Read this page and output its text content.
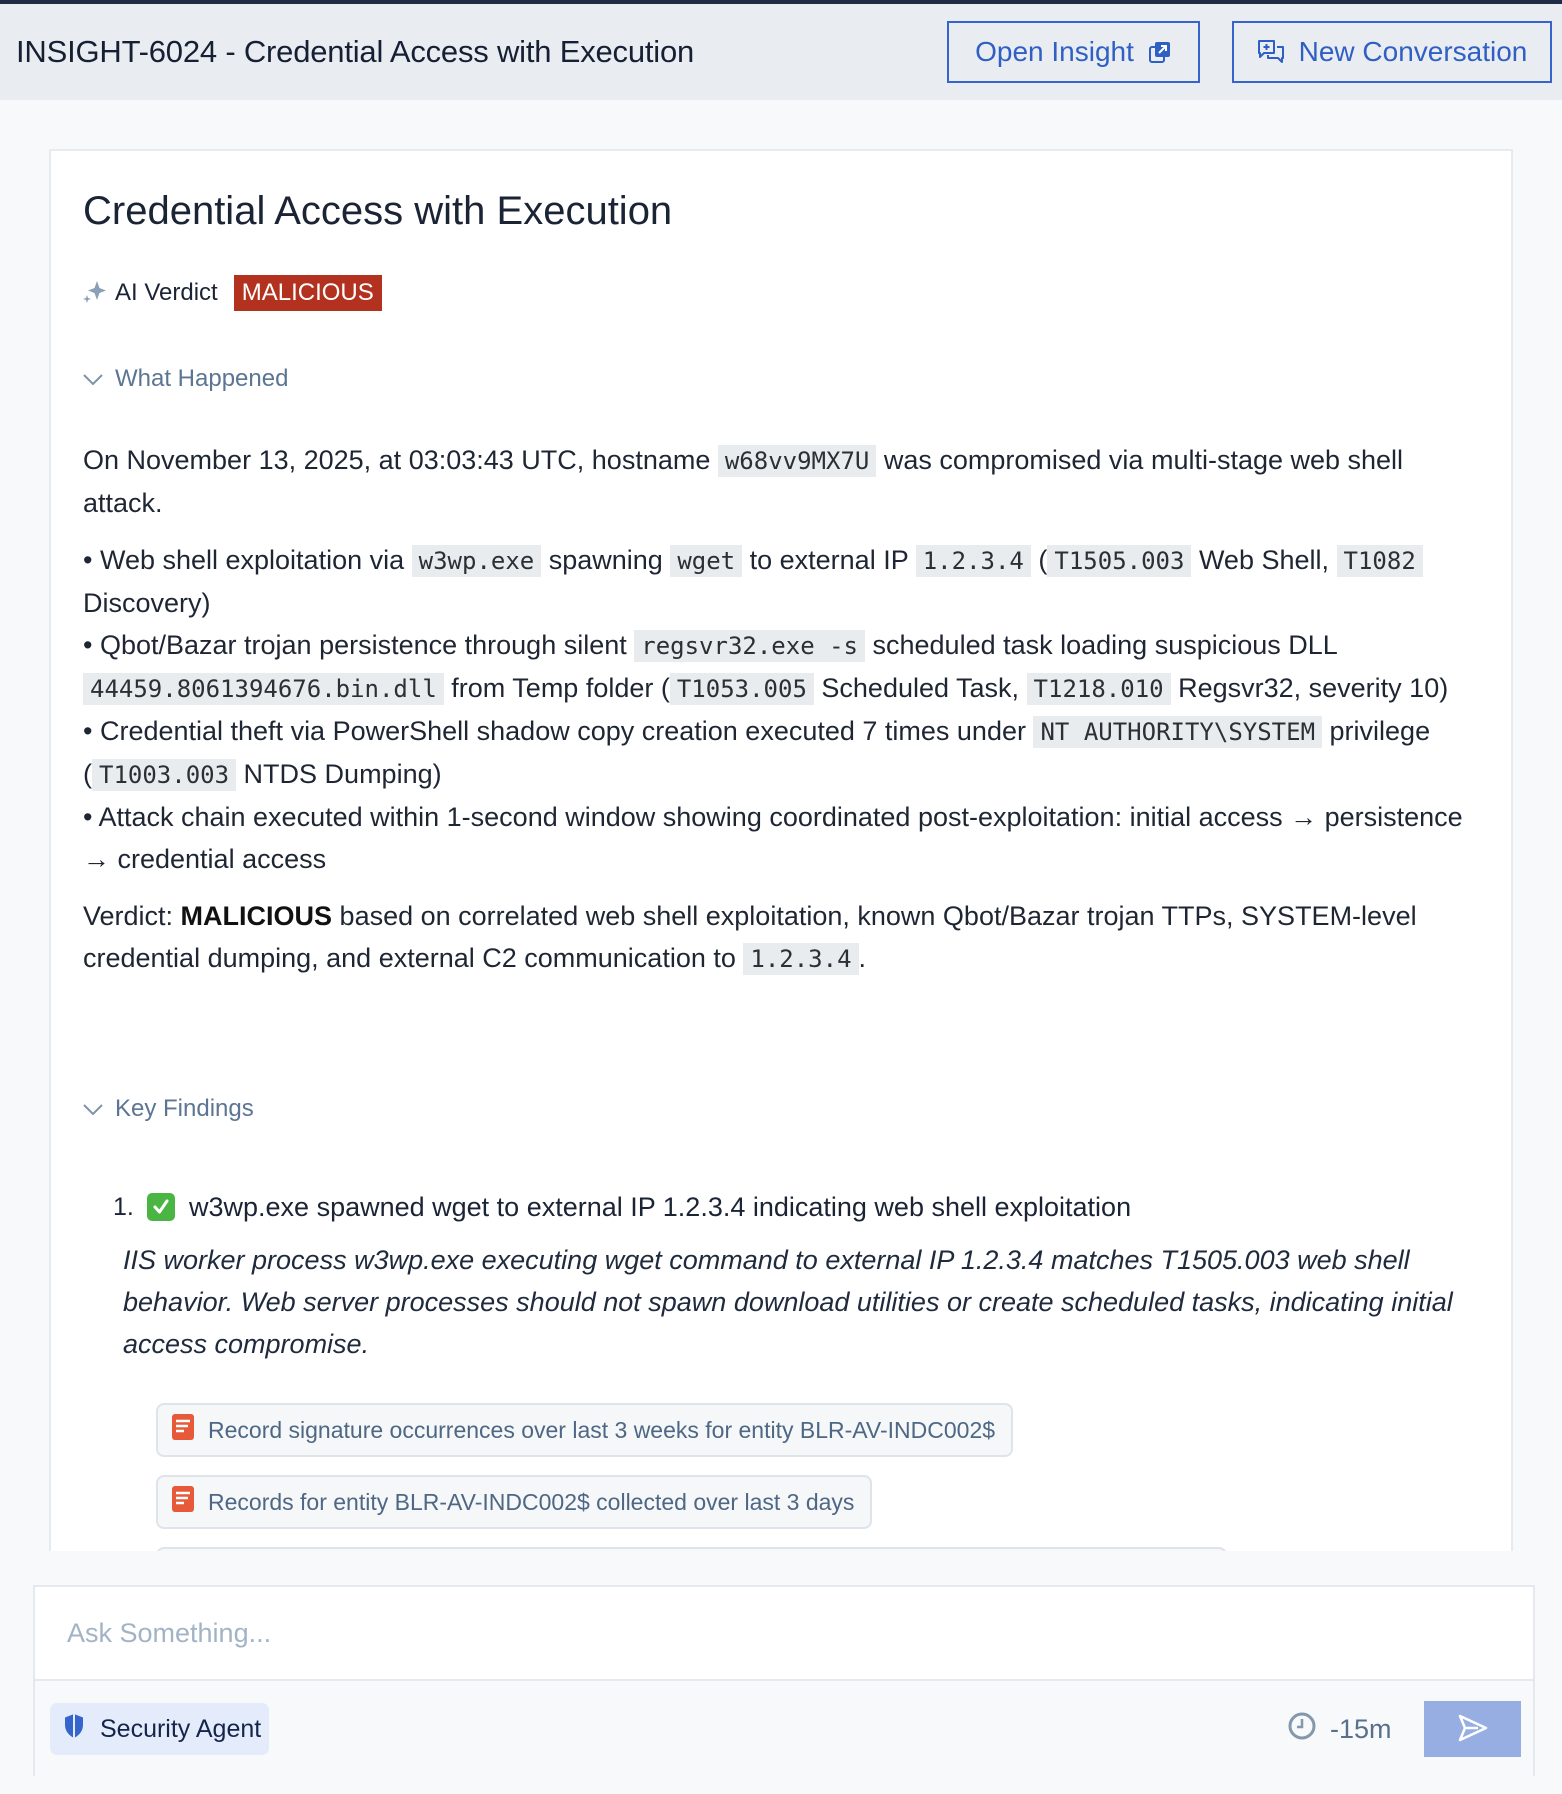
INSIGHT-6024 - Credential Access with Execution	Open Insight	New Conversation
Credential Access with Execution
AI Verdict	MALICIOUS
What Happened

On November 13, 2025, at 03:03:43 UTC, hostname w68vv9MX7U was compromised via multi-stage web shell attack.

• Web shell exploitation via w3wp.exe spawning wget to external IP 1.2.3.4 ( T1505.003 Web Shell, T1082 Discovery)
• Qbot/Bazar trojan persistence through silent regsvr32.exe -s scheduled task loading suspicious DLL 44459.8061394676.bin.dll from Temp folder ( T1053.005 Scheduled Task, T1218.010 Regsvr32, severity 10)
• Credential theft via PowerShell shadow copy creation executed 7 times under NT AUTHORITY\SYSTEM privilege ( T1003.003 NTDS Dumping)
• Attack chain executed within 1-second window showing coordinated post-exploitation: initial access → persistence → credential access

Verdict: MALICIOUS based on correlated web shell exploitation, known Qbot/Bazar trojan TTPs, SYSTEM-level credential dumping, and external C2 communication to 1.2.3.4 .

Key Findings
1.	w3wp.exe spawned wget to external IP 1.2.3.4 indicating web shell exploitation
IIS worker process w3wp.exe executing wget command to external IP 1.2.3.4 matches T1505.003 web shell behavior. Web server processes should not spawn download utilities or create scheduled tasks, indicating initial access compromise.
Record signature occurrences over last 3 weeks for entity BLR-AV-INDC002$
Records for entity BLR-AV-INDC002$ collected over last 3 days
Ask Something...
Security Agent	-15m
